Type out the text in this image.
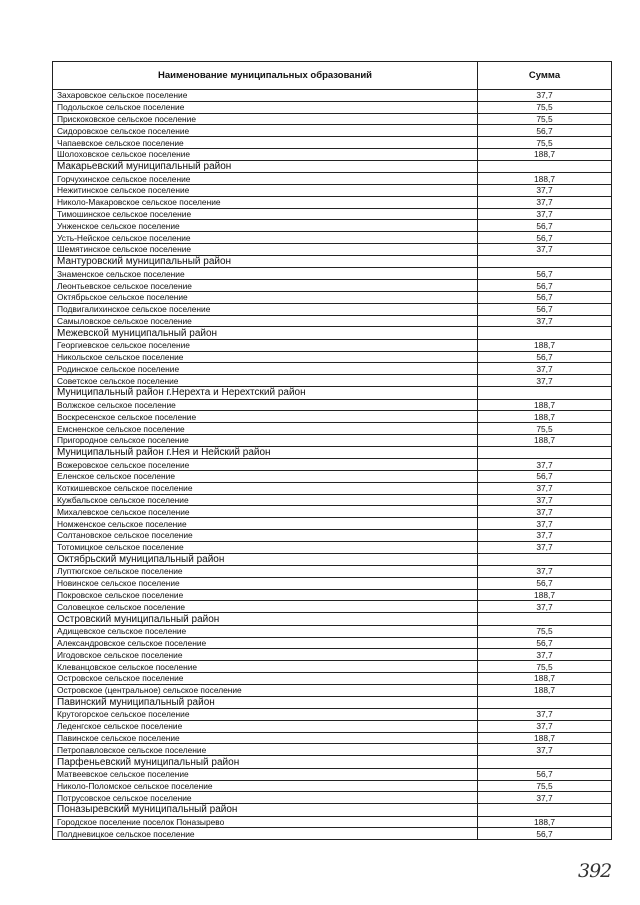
Наименование муниципальных образований	Сумма
Захаровское сельское поселение	37,7
Подольское сельское поселение	75,5
Прискоковское сельское поселение	75,5
Сидоровское сельское поселение	56,7
Чапаевское сельское поселение	75,5
Шолоховское сельское поселение	188,7
Макарьевский муниципальный район	
Горчухинское сельское поселение	188,7
Нежитинское сельское поселение	37,7
Николо-Макаровское сельское поселение	37,7
Тимошинское сельское поселение	37,7
Унженское сельское поселение	56,7
Усть-Нейское сельское поселение	56,7
Шемятинское сельское поселение	37,7
Мантуровский муниципальный район	
Знаменское сельское поселение	56,7
Леонтьевское сельское поселение	56,7
Октябрьское сельское поселение	56,7
Подвигалихинское сельское поселение	56,7
Самыловское сельское поселение	37,7
Межевской муниципальный район	
Георгиевское сельское поселение	188,7
Никольское сельское поселение	56,7
Родинское сельское поселение	37,7
Советское сельское поселение	37,7
Муниципальный район г.Нерехта и Нерехтский район	
Волжское сельское поселение	188,7
Воскресенское сельское поселение	188,7
Емсненское сельское поселение	75,5
Пригородное сельское поселение	188,7
Муниципальный район г.Нея и Нейский район	
Вожеровское сельское поселение	37,7
Еленское сельское поселение	56,7
Коткишевское сельское поселение	37,7
Кужбальское сельское поселение	37,7
Михалевское сельское поселение	37,7
Номженское сельское поселение	37,7
Солтановское сельское поселение	37,7
Тотомицкое сельское поселение	37,7
Октябрьский муниципальный район	
Луптюгское сельское поселение	37,7
Новинское сельское поселение	56,7
Покровское сельское поселение	188,7
Соловецкое сельское поселение	37,7
Островский муниципальный район	
Адищевское сельское поселение	75,5
Александровское сельское поселение	56,7
Игодовское сельское поселение	37,7
Клеванцовское сельское поселение	75,5
Островское сельское поселение	188,7
Островское (центральное) сельское поселение	188,7
Павинский муниципальный район	
Крутогорское сельское поселение	37,7
Леденгское сельское поселение	37,7
Павинское сельское поселение	188,7
Петропавловское сельское поселение	37,7
Парфеньевский муниципальный район	
Матвеевское сельское поселение	56,7
Николо-Поломское сельское поселение	75,5
Потрусовское сельское поселение	37,7
Поназыревский муниципальный район	
Городское поселение поселок Поназырево	188,7
Полдневицкое сельское поселение	56,7
392
